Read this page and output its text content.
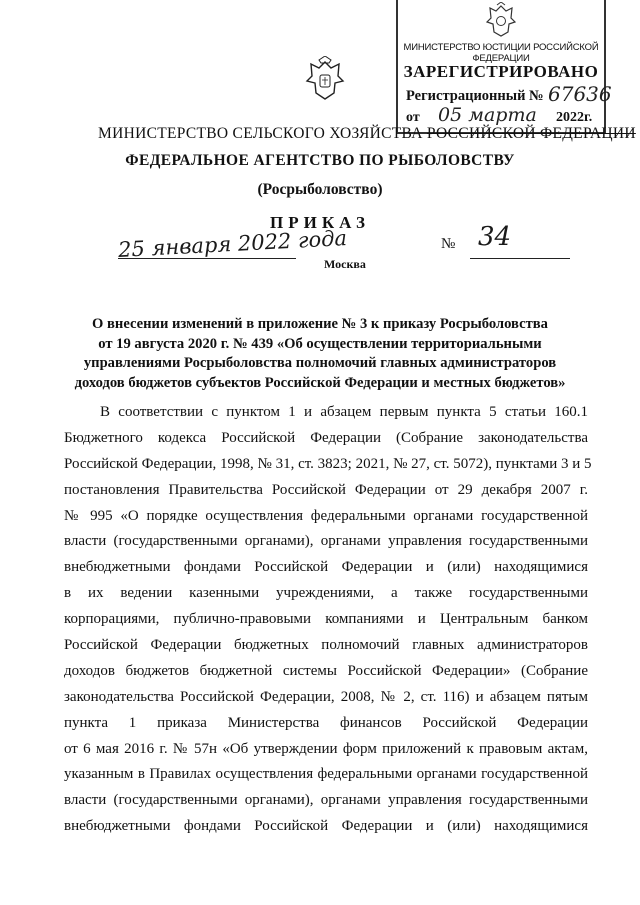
МИНИСТЕРСТВО ЮСТИЦИИ РОССИЙСКОЙ ФЕДЕРАЦИИ
ЗАРЕГИСТРИРОВАНО
Регистрационный № 67636
от 05 марта 2022г.
МИНИСТЕРСТВО СЕЛЬСКОГО ХОЗЯЙСТВА РОССИЙСКОЙ ФЕДЕРАЦИИ
ФЕДЕРАЛЬНОЕ АГЕНТСТВО ПО РЫБОЛОВСТВУ
(Росрыболовство)
ПРИКАЗ
25 января 2022 года	№ 34
Москва
О внесении изменений в приложение № 3 к приказу Росрыболовства
от 19 августа 2020 г. № 439 «Об осуществлении территориальными
управлениями Росрыболовства полномочий главных администраторов
доходов бюджетов субъектов Российской Федерации и местных бюджетов»
В соответствии с пунктом 1 и абзацем первым пункта 5 статьи 160.1
Бюджетного кодекса Российской Федерации (Собрание законодательства
Российской Федерации, 1998, № 31, ст. 3823; 2021, № 27, ст. 5072), пунктами 3 и 5
постановления Правительства Российской Федерации от 29 декабря 2007 г.
№ 995 «О порядке осуществления федеральными органами государственной
власти (государственными органами), органами управления государственными
внебюджетными фондами Российской Федерации и (или) находящимися
в их ведении казенными учреждениями, а также государственными
корпорациями, публично-правовыми компаниями и Центральным банком
Российской Федерации бюджетных полномочий главных администраторов
доходов бюджетов бюджетной системы Российской Федерации» (Собрание
законодательства Российской Федерации, 2008, № 2, ст. 116) и абзацем пятым
пункта 1 приказа Министерства финансов Российской Федерации
от 6 мая 2016 г. № 57н «Об утверждении форм приложений к правовым актам,
указанным в Правилах осуществления федеральными органами государственной
власти (государственными органами), органами управления государственными
внебюджетными фондами Российской Федерации и (или) находящимися
